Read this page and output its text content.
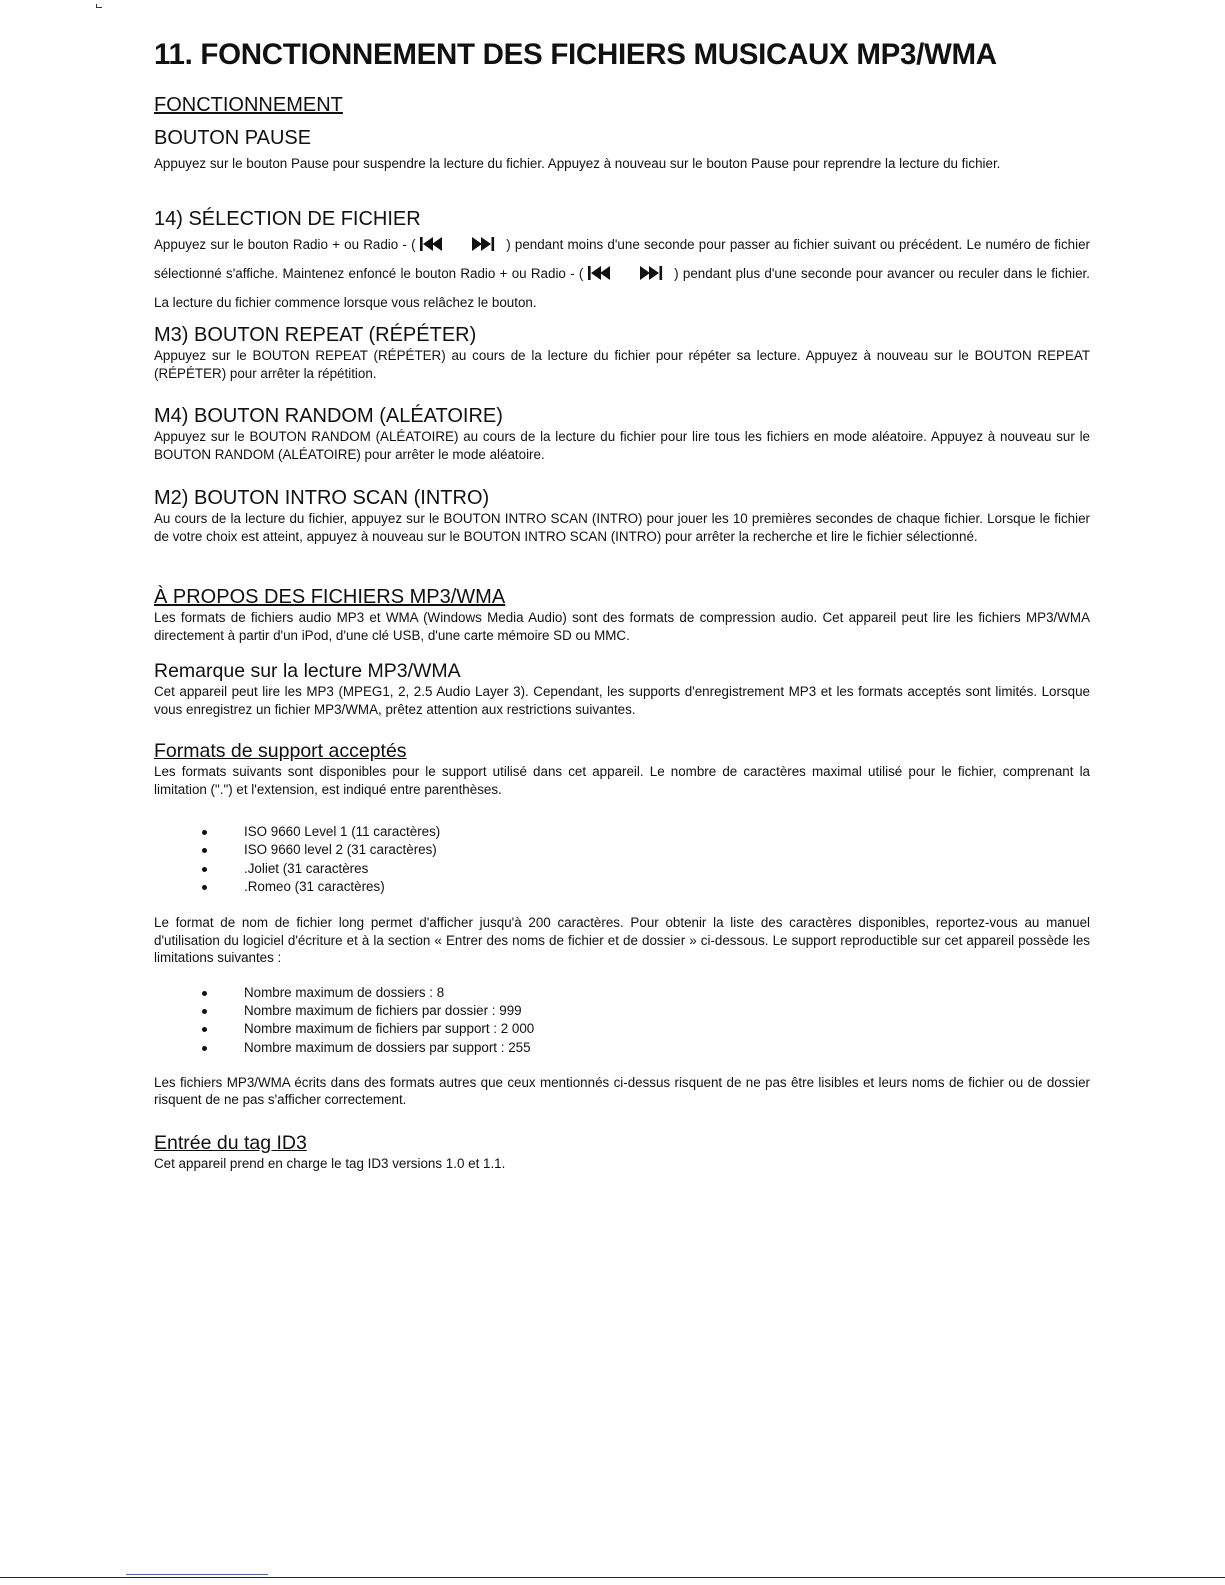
11. FONCTIONNEMENT DES FICHIERS MUSICAUX MP3/WMA
FONCTIONNEMENT
BOUTON PAUSE

Appuyez sur le bouton Pause pour suspendre la lecture du fichier. Appuyez à nouveau sur le bouton Pause pour reprendre la lecture du fichier.

14) SÉLECTION DE FICHIER

Appuyez sur le bouton Radio + ou Radio - (	) pendant moins d'une seconde pour passer au fichier suivant ou précédent. Le numéro de fichier sélectionné s'affiche. Maintenez enfoncé le bouton Radio + ou Radio - (	) pendant plus d'une seconde pour avancer ou reculer dans le fichier. La lecture du fichier commence lorsque vous relâchez le bouton.

M3) BOUTON REPEAT (RÉPÉTER)

Appuyez sur le BOUTON REPEAT (RÉPÉTER) au cours de la lecture du fichier pour répéter sa lecture. Appuyez à nouveau sur le BOUTON REPEAT (RÉPÉTER) pour arrêter la répétition.

M4) BOUTON RANDOM (ALÉATOIRE)

Appuyez sur le BOUTON RANDOM (ALÉATOIRE) au cours de la lecture du fichier pour lire tous les fichiers en mode aléatoire. Appuyez à nouveau sur le BOUTON RANDOM (ALÉATOIRE) pour arrêter le mode aléatoire.

M2) BOUTON INTRO SCAN (INTRO)

Au cours de la lecture du fichier, appuyez sur le BOUTON INTRO SCAN (INTRO) pour jouer les 10 premières secondes de chaque fichier. Lorsque le fichier de votre choix est atteint, appuyez à nouveau sur le BOUTON INTRO SCAN (INTRO) pour arrêter la recherche et lire le fichier sélectionné.

À PROPOS DES FICHIERS MP3/WMA

Les formats de fichiers audio MP3 et WMA (Windows Media Audio) sont des formats de compression audio. Cet appareil peut lire les fichiers MP3/WMA directement à partir d'un iPod, d'une clé USB, d'une carte mémoire SD ou MMC.

Remarque sur la lecture MP3/WMA

Cet appareil peut lire les MP3 (MPEG1, 2, 2.5 Audio Layer 3). Cependant, les supports d'enregistrement MP3 et les formats acceptés sont limités. Lorsque vous enregistrez un fichier MP3/WMA, prêtez attention aux restrictions suivantes.

Formats de support acceptés

Les formats suivants sont disponibles pour le support utilisé dans cet appareil. Le nombre de caractères maximal utilisé pour le fichier, comprenant la limitation (".") et l'extension, est indiqué entre parenthèses.

ISO 9660 Level 1 (11 caractères)
ISO 9660 level 2 (31 caractères)
.Joliet (31 caractères
.Romeo (31 caractères)

Le format de nom de fichier long permet d'afficher jusqu'à 200 caractères. Pour obtenir la liste des caractères disponibles, reportez-vous au manuel d'utilisation du logiciel d'écriture et à la section « Entrer des noms de fichier et de dossier » ci-dessous. Le support reproductible sur cet appareil possède les limitations suivantes :

Nombre maximum de dossiers : 8
Nombre maximum de fichiers par dossier : 999
Nombre maximum de fichiers par support : 2 000
Nombre maximum de dossiers par support : 255

Les fichiers MP3/WMA écrits dans des formats autres que ceux mentionnés ci-dessus risquent de ne pas être lisibles et leurs noms de fichier ou de dossier risquent de ne pas s'afficher correctement.

Entrée du tag ID3

Cet appareil prend en charge le tag ID3 versions 1.0 et 1.1.
